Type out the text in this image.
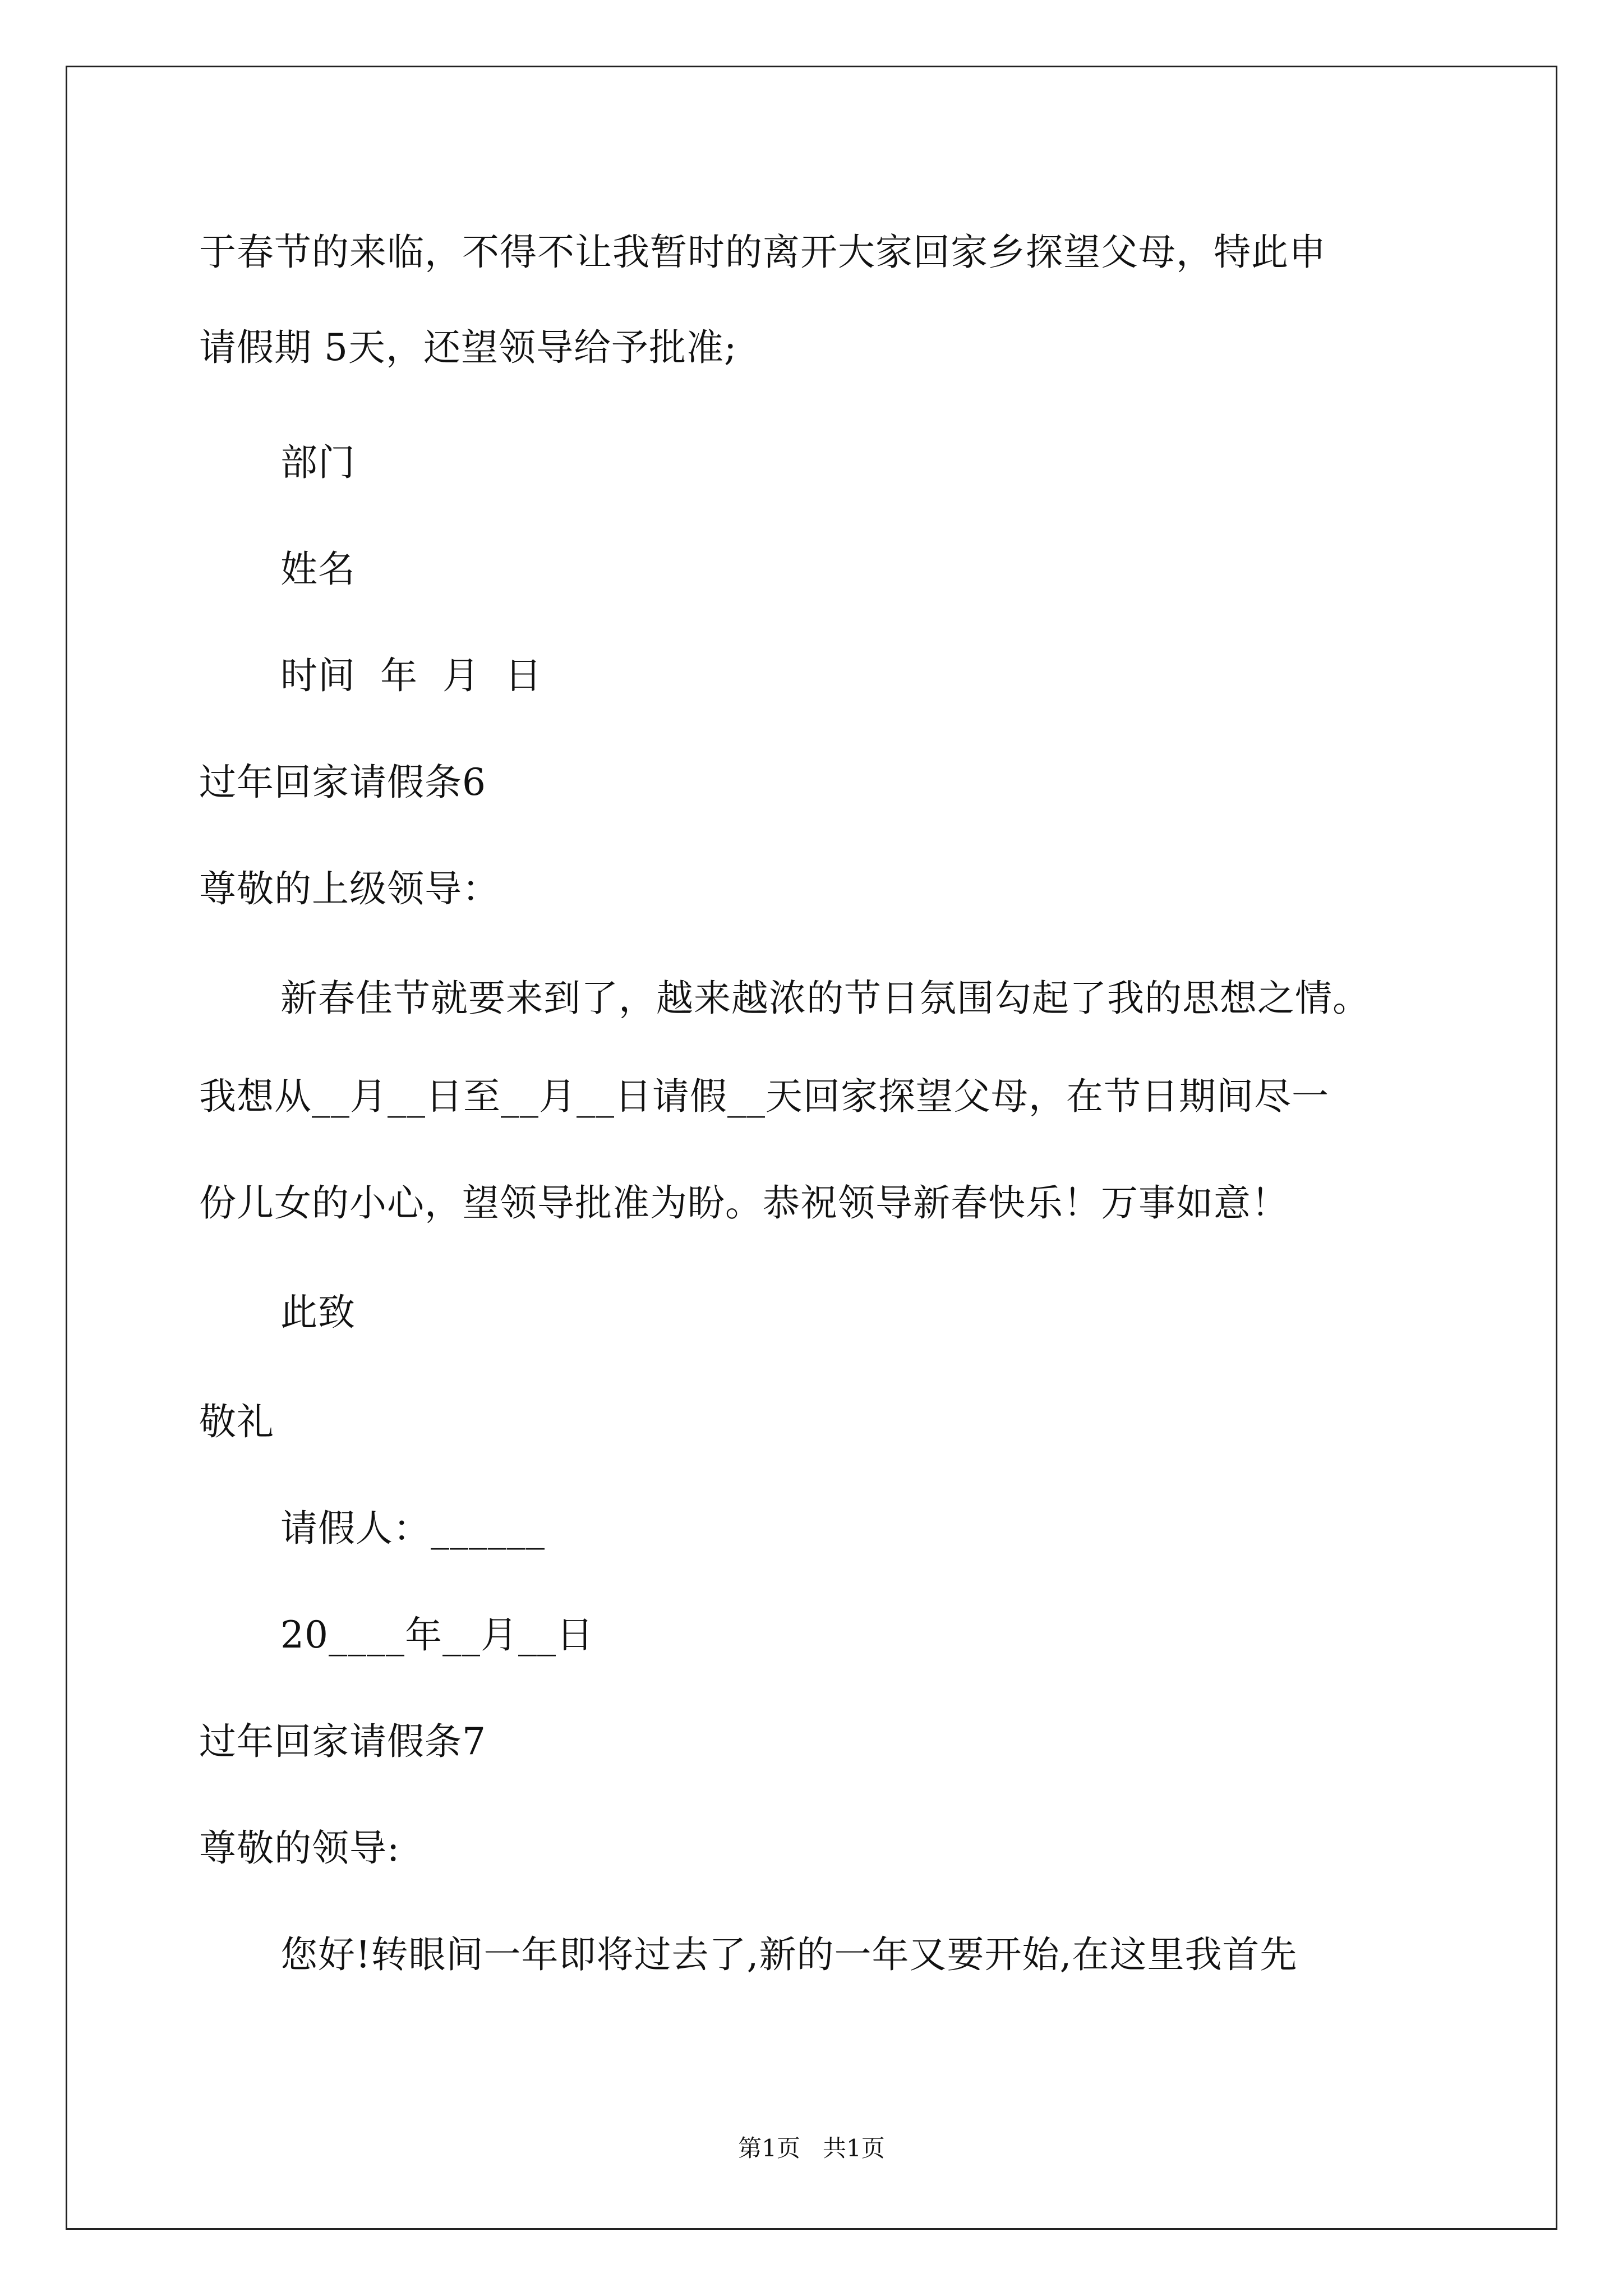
于春节的来临，不得不让我暂时的离开大家回家乡探望父母，特此申
请假期 5天，还望领导给予批准;
部门
姓名
时间  年  月  日
过年回家请假条6
尊敬的上级领导：
新春佳节就要来到了，越来越浓的节日氛围勾起了我的思想之情。
我想从__月__日至__月__日请假__天回家探望父母，在节日期间尽一
份儿女的小心，望领导批准为盼。恭祝领导新春快乐！万事如意！
此致
敬礼
请假人：______
20____年__月__日
过年回家请假条7
尊敬的领导:
您好!转眼间一年即将过去了,新的一年又要开始,在这里我首先
第1页   共1页
